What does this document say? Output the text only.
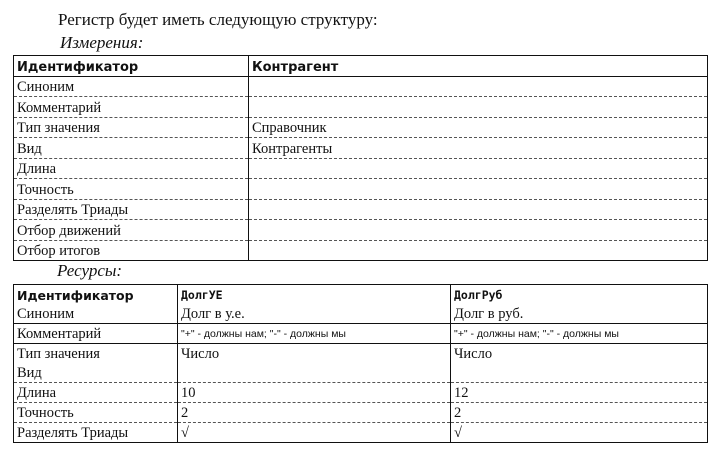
Регистр будет иметь следующую структуру:
Измерения:
Идентификатор	Контрагент
Синоним	
Комментарий	
Тип значения	Справочник
Вид	Контрагенты
Длина	
Точность	
Разделять Триады	
Отбор движений	
Отбор итогов	
Ресурсы:
Идентификатор	ДолгУЕ	ДолгРуб
Синоним	Долг в у.е.	Долг в руб.
Комментарий	"+" - должны нам; "-" - должны мы	"+" - должны нам; "-" - должны мы
Тип значения	Число	Число
Вид		
Длина	10	12
Точность	2	2
Разделять Триады	√	√
